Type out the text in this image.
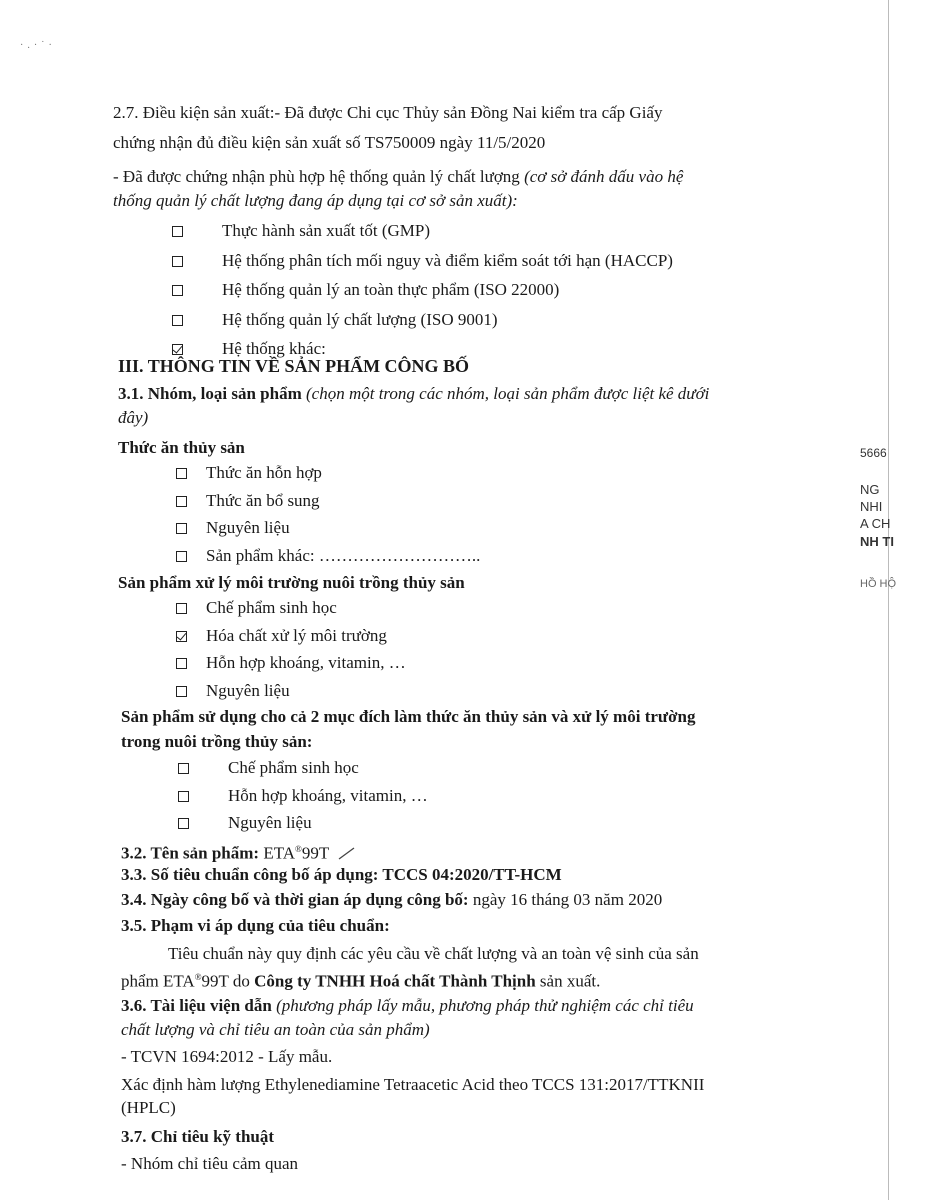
·.·˙·
2.7. Điều kiện sản xuất:- Đã được Chi cục Thủy sản Đồng Nai kiểm tra cấp Giấy
chứng nhận đủ điều kiện sản xuất số TS750009 ngày 11/5/2020
- Đã được chứng nhận phù hợp hệ thống quản lý chất lượng (cơ sở đánh dấu vào hệ
thống quản lý chất lượng đang áp dụng tại cơ sở sản xuất):
Thực hành sản xuất tốt (GMP)
Hệ thống phân tích mối nguy và điểm kiểm soát tới hạn (HACCP)
Hệ thống quản lý an toàn thực phẩm (ISO 22000)
Hệ thống quản lý chất lượng (ISO 9001)
Hệ thống khác:
III. THÔNG TIN VỀ SẢN PHẨM CÔNG BỐ
3.1. Nhóm, loại sản phẩm (chọn một trong các nhóm, loại sản phẩm được liệt kê dưới
đây)
Thức ăn thủy sản
Thức ăn hỗn hợp
Thức ăn bổ sung
Nguyên liệu
Sản phẩm khác: ………………………..
Sản phẩm xử lý môi trường nuôi trồng thủy sản
Chế phẩm sinh học
Hóa chất xử lý môi trường
Hỗn hợp khoáng, vitamin, …
Nguyên liệu
Sản phẩm sử dụng cho cả 2 mục đích làm thức ăn thủy sản và xử lý môi trường
trong nuôi trồng thủy sản:
Chế phẩm sinh học
Hỗn hợp khoáng, vitamin, …
Nguyên liệu
3.2. Tên sản phẩm: ETA®99T
3.3. Số tiêu chuẩn công bố áp dụng: TCCS 04:2020/TT-HCM
3.4. Ngày công bố và thời gian áp dụng công bố: ngày 16 tháng 03 năm 2020
3.5. Phạm vi áp dụng của tiêu chuẩn:
Tiêu chuẩn này quy định các yêu cầu về chất lượng và an toàn vệ sinh của sản
phẩm ETA®99T do Công ty TNHH Hoá chất Thành Thịnh sản xuất.
3.6. Tài liệu viện dẫn (phương pháp lấy mẫu, phương pháp thử nghiệm các chỉ tiêu
chất lượng và chỉ tiêu an toàn của sản phẩm)
- TCVN 1694:2012 - Lấy mẫu.
Xác định hàm lượng Ethylenediamine Tetraacetic Acid theo TCCS 131:2017/TTKNII
(HPLC)
3.7. Chỉ tiêu kỹ thuật
- Nhóm chỉ tiêu cảm quan
5666
NG
NHI
A CH
NH TI
HỒ HỘ
